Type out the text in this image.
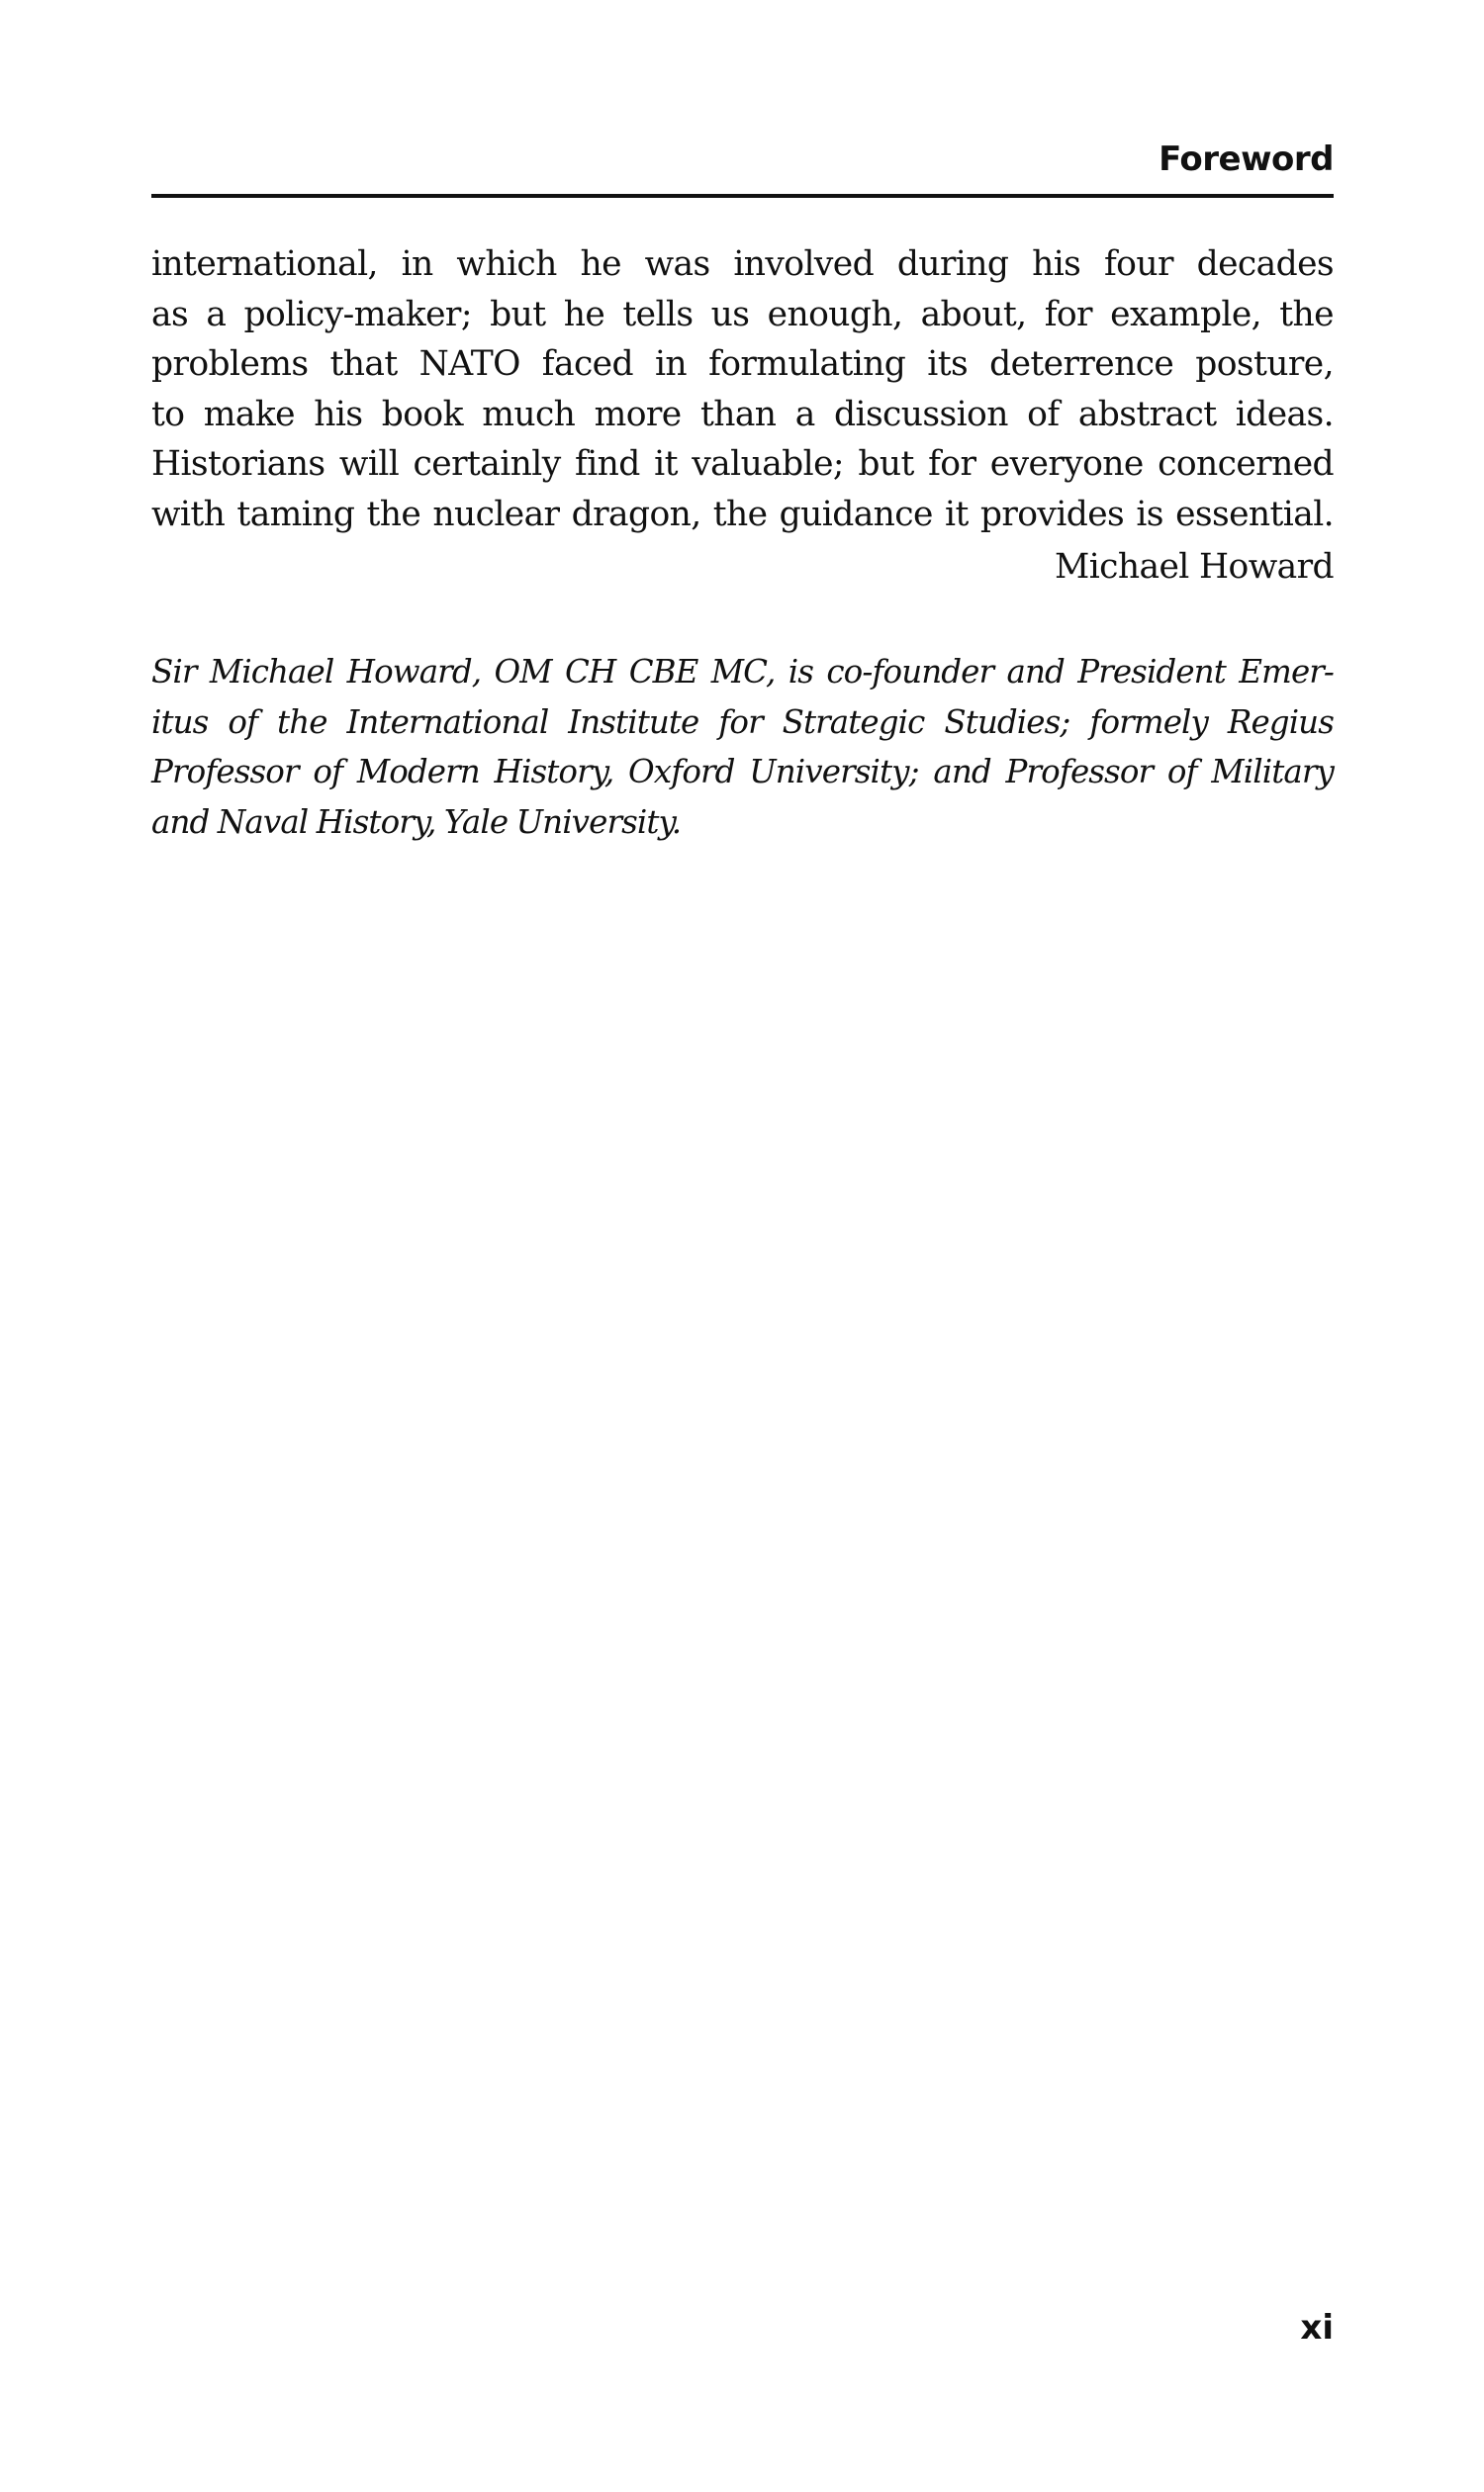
Foreword
international, in which he was involved during his four decades
as a policy-maker; but he tells us enough, about, for example, the
problems that NATO faced in formulating its deterrence posture,
to make his book much more than a discussion of abstract ideas.
Historians will certainly find it valuable; but for everyone concerned
with taming the nuclear dragon, the guidance it provides is essential.
Michael Howard
Sir Michael Howard, OM CH CBE MC, is co-founder and President Emer-
itus of the International Institute for Strategic Studies; formely Regius
Professor of Modern History, Oxford University; and Professor of Military
and Naval History, Yale University.
xi
